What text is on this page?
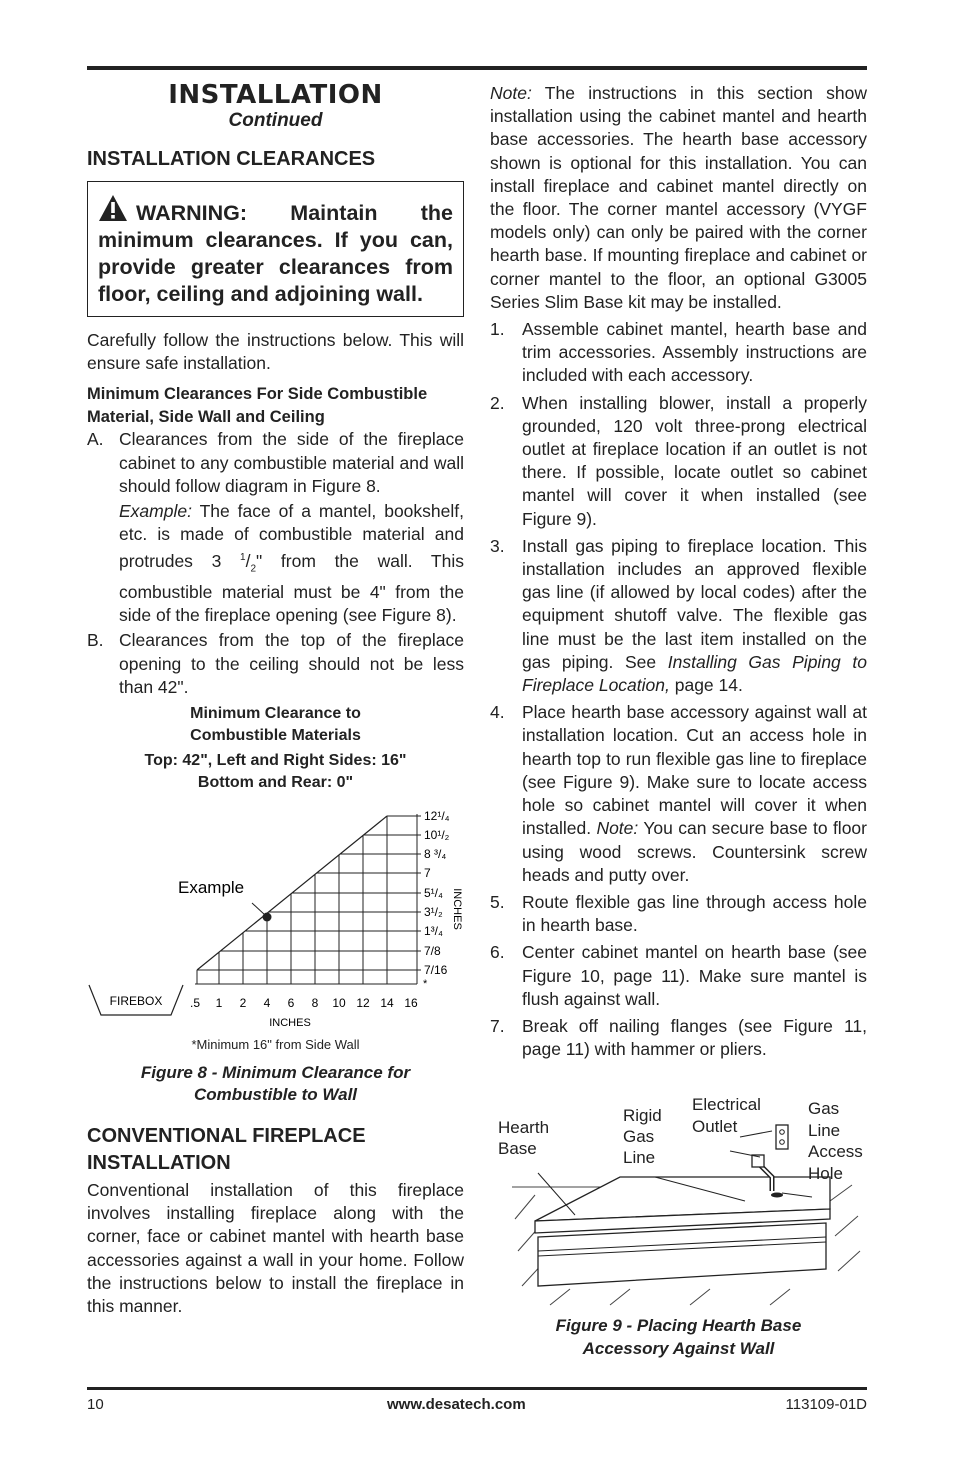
INSTALLATION
Continued
INSTALLATION CLEARANCES
WARNING: Maintain the minimum clearances. If you can, provide greater clearances from floor, ceiling and adjoining wall.

Carefully follow the instructions below. This will ensure safe installation.

Minimum Clearances For Side Combustible Material, Side Wall and Ceiling

A. Clearances from the side of the fireplace cabinet to any combustible material and wall should follow diagram in Figure 8.
Example: The face of a mantel, bookshelf, etc. is made of combustible material and protrudes 3 $^1/_2$" from the wall. This combustible material must be 4" from the side of the fireplace opening (see Figure 8).
B. Clearances from the top of the fireplace opening to the ceiling should not be less than 42".
Minimum Clearance to
Combustible Materials
Top: 42", Left and Right Sides: 16"
Bottom and Rear: 0"
Example
FIREBOX .5 1 2 4 6 8 10 12 14 16
12¹/₄
10¹/₂
8 ³/₄
7
5¹/₄
3¹/₂
1³/₄
7/8
7/16
*
INCHES
INCHES
*Minimum 16" from Side Wall
Figure 8 - Minimum Clearance for
Combustible to Wall
CONVENTIONAL FIREPLACE
INSTALLATION

Conventional installation of this fireplace involves installing fireplace along with the corner, face or cabinet mantel with hearth base accessories against a wall in your home. Follow the instructions below to install the fireplace in this manner.

Note: The instructions in this section show installation using the cabinet mantel and hearth base accessories. The hearth base accessory shown is optional for this installation. You can install fireplace and cabinet mantel directly on the floor. The corner mantel accessory (VYGF models only) can only be paired with the corner hearth base. If mounting fireplace and cabinet or corner mantel to the floor, an optional G3005 Series Slim Base kit may be installed.

1. Assemble cabinet mantel, hearth base and trim accessories. Assembly instructions are included with each accessory.
2. When installing blower, install a properly grounded, 120 volt three-prong electrical outlet at fireplace location if an outlet is not there. If possible, locate outlet so cabinet mantel will cover it when installed (see Figure 9).
3. Install gas piping to fireplace location. This installation includes an approved flexible gas line (if allowed by local codes) after the equipment shutoff valve. The flexible gas line must be the last item installed on the gas piping. See Installing Gas Piping to Fireplace Location, page 14.
4. Place hearth base accessory against wall at installation location. Cut an access hole in hearth top to run flexible gas line to fireplace (see Figure 9). Make sure to locate access hole so cabinet mantel will cover it when installed. Note: You can secure base to floor using wood screws. Countersink screw heads and putty over.
5. Route flexible gas line through access hole in hearth base.
6. Center cabinet mantel on hearth base (see Figure 10, page 11). Make sure mantel is flush against wall.
7. Break off nailing flanges (see Figure 11, page 11) with hammer or pliers.
Hearth
Base
Rigid
Gas
Line
Electrical
Outlet
Gas
Line
Access
Hole
Figure 9 - Placing Hearth Base
Accessory Against Wall
10	www.desatech.com	113109-01D
